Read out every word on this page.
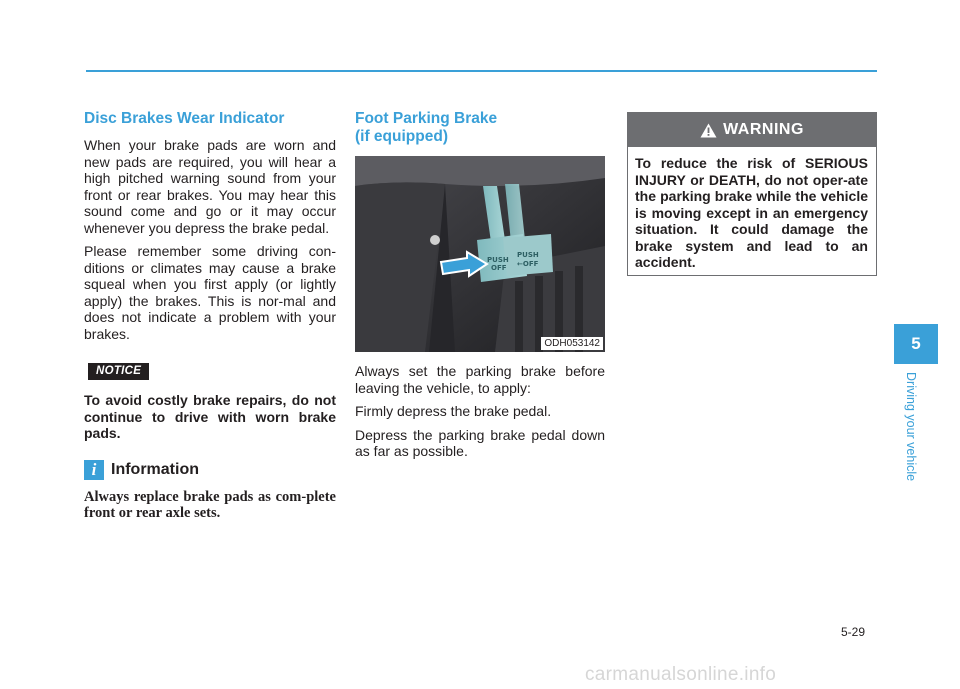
Disc Brakes Wear Indicator

When your brake pads are worn and new pads are required, you will hear a high pitched warning sound from your front or rear brakes. You may hear this sound come and go or it may occur whenever you depress the brake pedal.

Please remember some driving con-ditions or climates may cause a brake squeal when you first apply (or lightly apply) the brakes. This is nor-mal and does not indicate a problem with your brakes.

NOTICE

To avoid costly brake repairs, do not continue to drive with worn brake pads.

i Information

Always replace brake pads as com-plete front or rear axle sets.

Foot Parking Brake
(if equipped)
PUSH
OFF
PUSH
←OFF
ODH053142

Always set the parking brake before leaving the vehicle, to apply:

Firmly depress the brake pedal.

Depress the parking brake pedal down as far as possible.

WARNING
To reduce the risk of SERIOUS INJURY or DEATH, do not oper-ate the parking brake while the vehicle is moving except in an emergency situation. It could damage the brake system and lead to an accident.
5
Driving your vehicle
5-29
carmanualsonline.info
